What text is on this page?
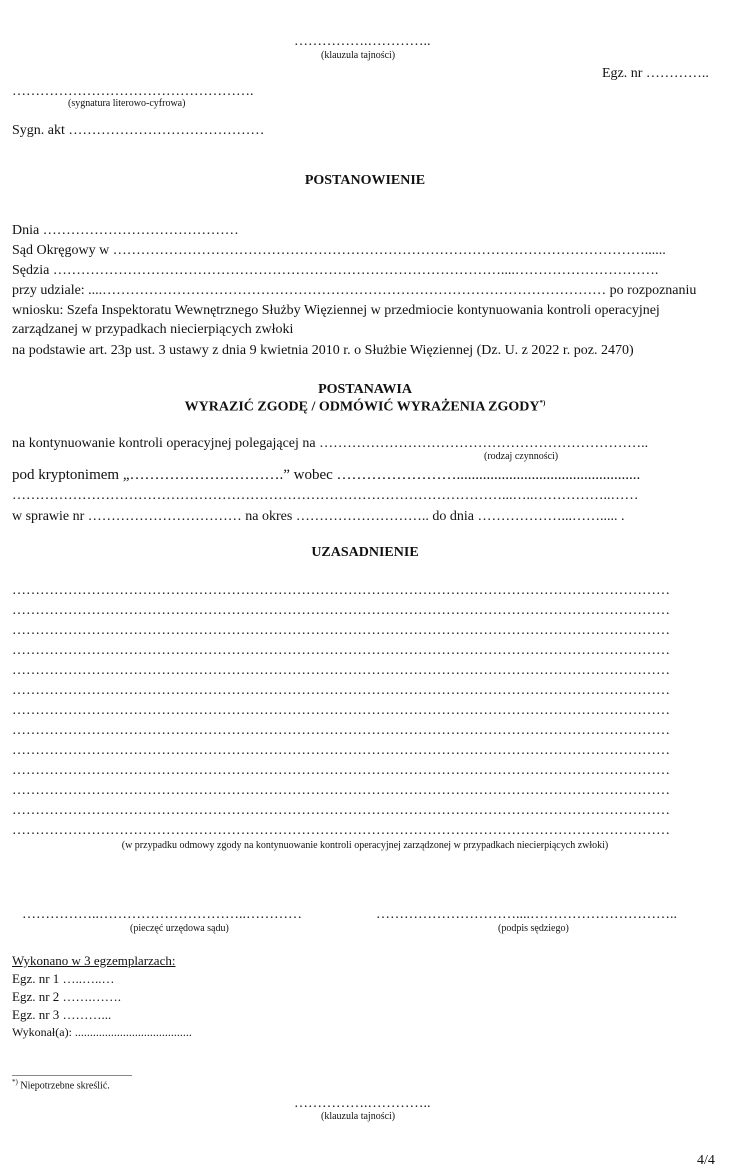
…………….…………..
(klauzula tajności)
Egz. nr …………..
…………………………………………….
(sygnatura literowo-cyfrowa)
Sygn. akt ……………………………………
POSTANOWIENIE
Dnia ……………………………………
Sąd Okręgowy w ……………………………………………………………………………………………………......
Sędzia ……………………………………………………………………………………....………………………….
przy udziale: ....……………………………………………………………………………………………… po rozpoznaniu
wniosku: Szefa Inspektoratu Wewnętrznego Służby Więziennej w przedmiocie kontynuowania kontroli operacyjnej
zarządzanej w przypadkach niecierpiących zwłoki
na podstawie art. 23p ust. 3 ustawy z dnia 9 kwietnia 2010 r. o Służbie Więziennej (Dz. U. z 2022 r. poz. 2470)
POSTANAWIA
WYRAZIĆ ZGODĘ / ODMÓWIĆ WYRAŻENIA ZGODY*)
na kontynuowanie kontroli operacyjnej polegającej na ……………………………………………………………..
(rodzaj czynności)
pod kryptonimem „………………………….” wobec …………………….................................................
……………………………………………………………………………………………...…..……………..……
w sprawie nr …………………………… na okres ……………………….. do dnia ………………...……..... .
UZASADNIENIE
……………………………………………………………………………………………………………………………
……………………………………………………………………………………………………………………………
……………………………………………………………………………………………………………………………
……………………………………………………………………………………………………………………………
……………………………………………………………………………………………………………………………
……………………………………………………………………………………………………………………………
……………………………………………………………………………………………………………………………
……………………………………………………………………………………………………………………………
……………………………………………………………………………………………………………………………
……………………………………………………………………………………………………………………………
……………………………………………………………………………………………………………………………
……………………………………………………………………………………………………………………………
……………………………………………………………………………………………………………………………
(w przypadku odmowy zgody na kontynuowanie kontroli operacyjnej zarządzonej w przypadkach niecierpiących zwłoki)
……………..…………………………..…………
(pieczęć urzędowa sądu)
…………………………....…………………………..
(podpis sędziego)
Wykonano w 3 egzemplarzach:
Egz. nr 1 …..…..…
Egz. nr 2 …….…….
Egz. nr 3 ………...
Wykonał(a): .......................................
*) Niepotrzebne skreślić.
…………….…………..
(klauzula tajności)
4/4
